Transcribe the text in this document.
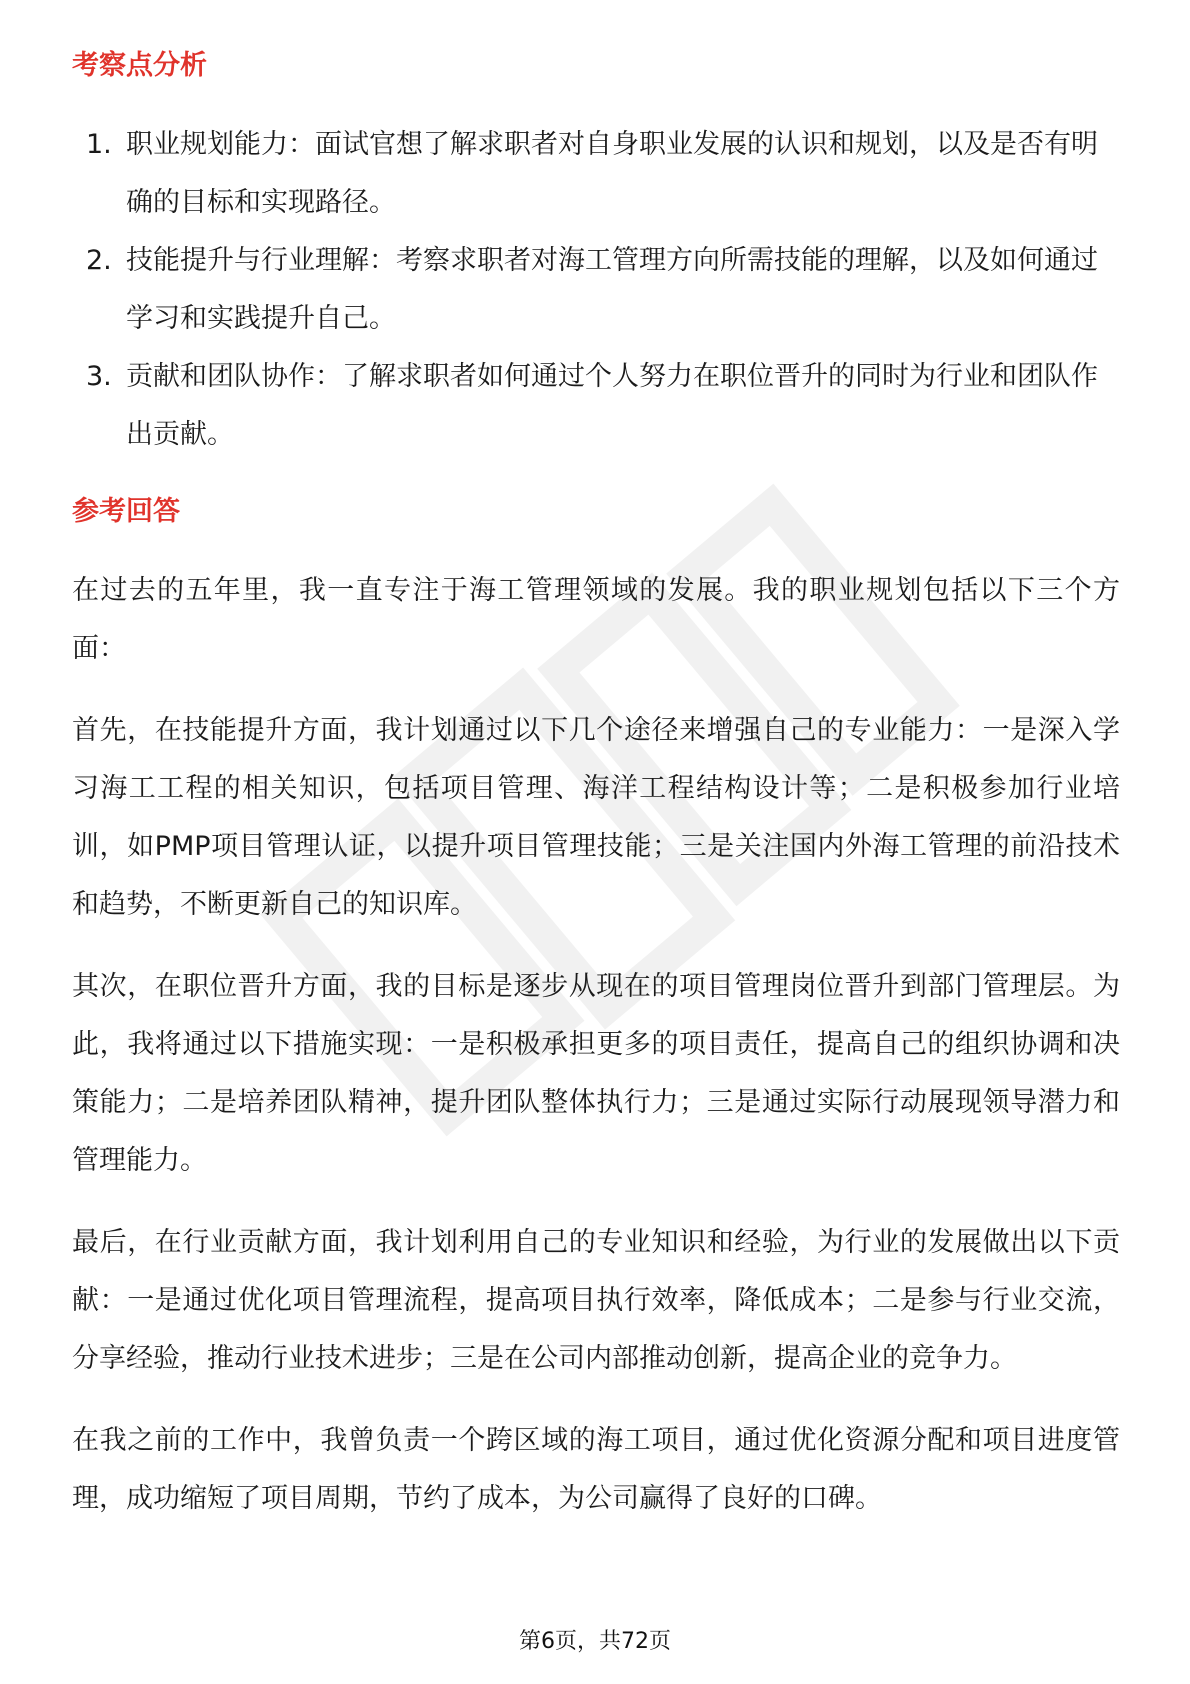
考察点分析
1. 职业规划能力：面试官想了解求职者对自身职业发展的认识和规划，以及是否有明确的目标和实现路径。
2. 技能提升与行业理解：考察求职者对海工管理方向所需技能的理解，以及如何通过学习和实践提升自己。
3. 贡献和团队协作：了解求职者如何通过个人努力在职位晋升的同时为行业和团队作出贡献。
参考回答

在过去的五年里，我一直专注于海工管理领域的发展。我的职业规划包括以下三个方面：

首先，在技能提升方面，我计划通过以下几个途径来增强自己的专业能力：一是深入学习海工工程的相关知识，包括项目管理、海洋工程结构设计等；二是积极参加行业培训，如PMP项目管理认证，以提升项目管理技能；三是关注国内外海工管理的前沿技术和趋势，不断更新自己的知识库。

其次，在职位晋升方面，我的目标是逐步从现在的项目管理岗位晋升到部门管理层。为此，我将通过以下措施实现：一是积极承担更多的项目责任，提高自己的组织协调和决策能力；二是培养团队精神，提升团队整体执行力；三是通过实际行动展现领导潜力和管理能力。

最后，在行业贡献方面，我计划利用自己的专业知识和经验，为行业的发展做出以下贡献：一是通过优化项目管理流程，提高项目执行效率，降低成本；二是参与行业交流，分享经验，推动行业技术进步；三是在公司内部推动创新，提高企业的竞争力。

在我之前的工作中，我曾负责一个跨区域的海工项目，通过优化资源分配和项目进度管理，成功缩短了项目周期，节约了成本，为公司赢得了良好的口碑。

第6页，共72页
